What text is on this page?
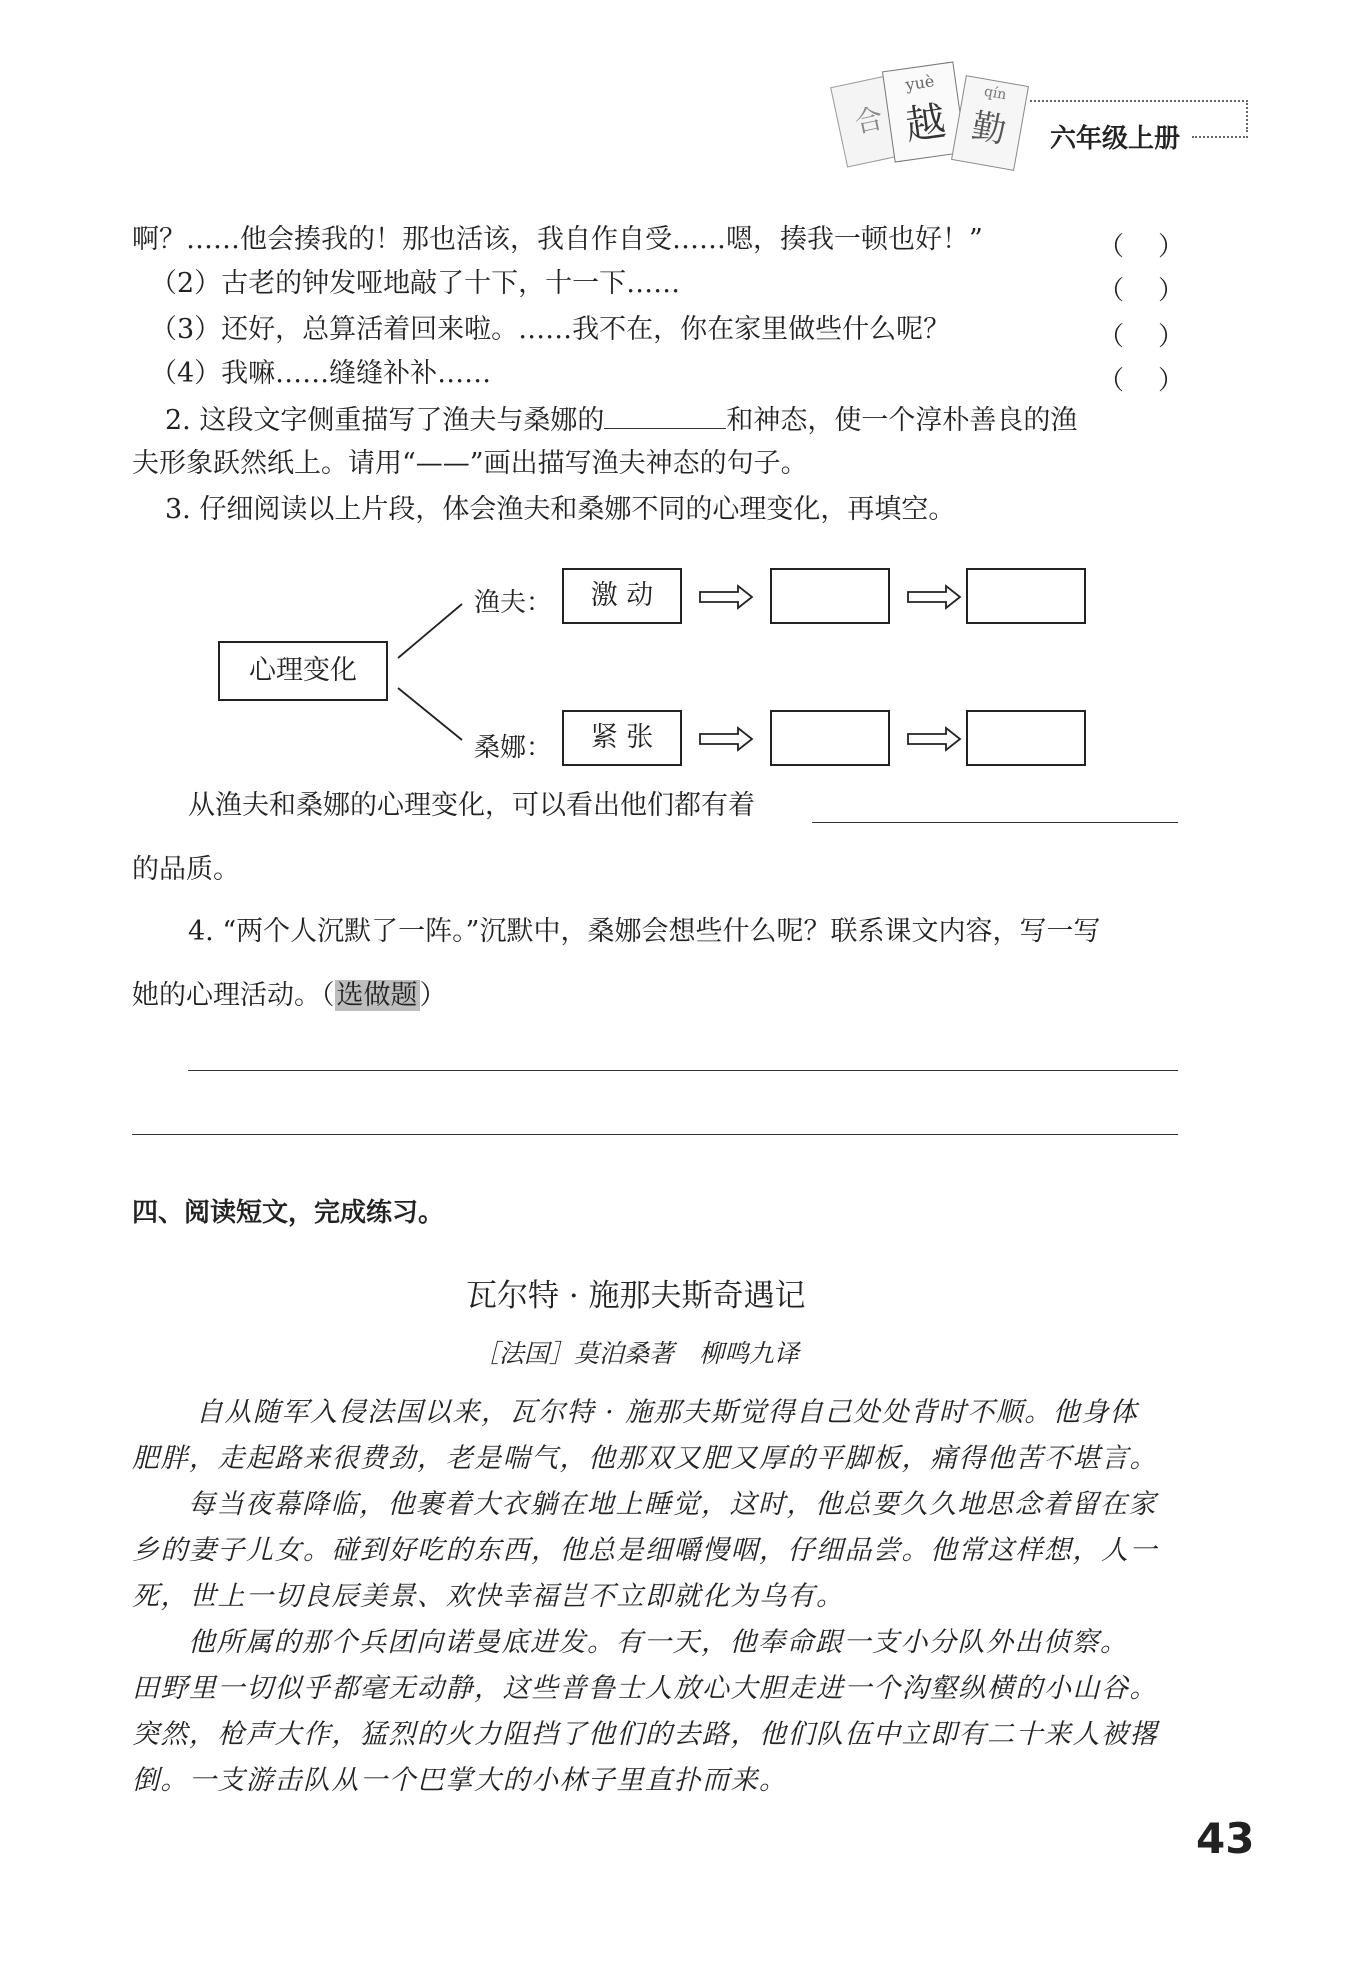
合
yuè
越
qín
勤	六年级上册
啊？……他会揍我的！那也活该，我自作自受……嗯，揍我一顿也好！”	（ ）
（2）古老的钟发哑地敲了十下，十一下……	（ ）
（3）还好，总算活着回来啦。……我不在，你在家里做些什么呢？	（ ）
（4）我嘛……缝缝补补……	（ ）
2. 这段文字侧重描写了渔夫与桑娜的	和神态，使一个淳朴善良的渔
夫形象跃然纸上。请用“——”画出描写渔夫神态的句子。
3. 仔细阅读以上片段，体会渔夫和桑娜不同的心理变化，再填空。
心理变化
渔夫：	激 动
桑娜：	紧 张
从渔夫和桑娜的心理变化，可以看出他们都有着
的品质。
4. “两个人沉默了一阵。”沉默中，桑娜会想些什么呢？联系课文内容，写一写
她的心理活动。（选做题）
四、阅读短文，完成练习。
瓦尔特 · 施那夫斯奇遇记
［法国］莫泊桑著　柳鸣九译
自从随军入侵法国以来，瓦尔特 · 施那夫斯觉得自己处处背时不顺。他身体
肥胖，走起路来很费劲，老是喘气，他那双又肥又厚的平脚板，痛得他苦不堪言。
每当夜幕降临，他裹着大衣躺在地上睡觉，这时，他总要久久地思念着留在家
乡的妻子儿女。碰到好吃的东西，他总是细嚼慢咽，仔细品尝。他常这样想，人一
死，世上一切良辰美景、欢快幸福岂不立即就化为乌有。
他所属的那个兵团向诺曼底进发。有一天，他奉命跟一支小分队外出侦察。
田野里一切似乎都毫无动静，这些普鲁士人放心大胆走进一个沟壑纵横的小山谷。
突然，枪声大作，猛烈的火力阻挡了他们的去路，他们队伍中立即有二十来人被撂
倒。一支游击队从一个巴掌大的小林子里直扑而来。
43
